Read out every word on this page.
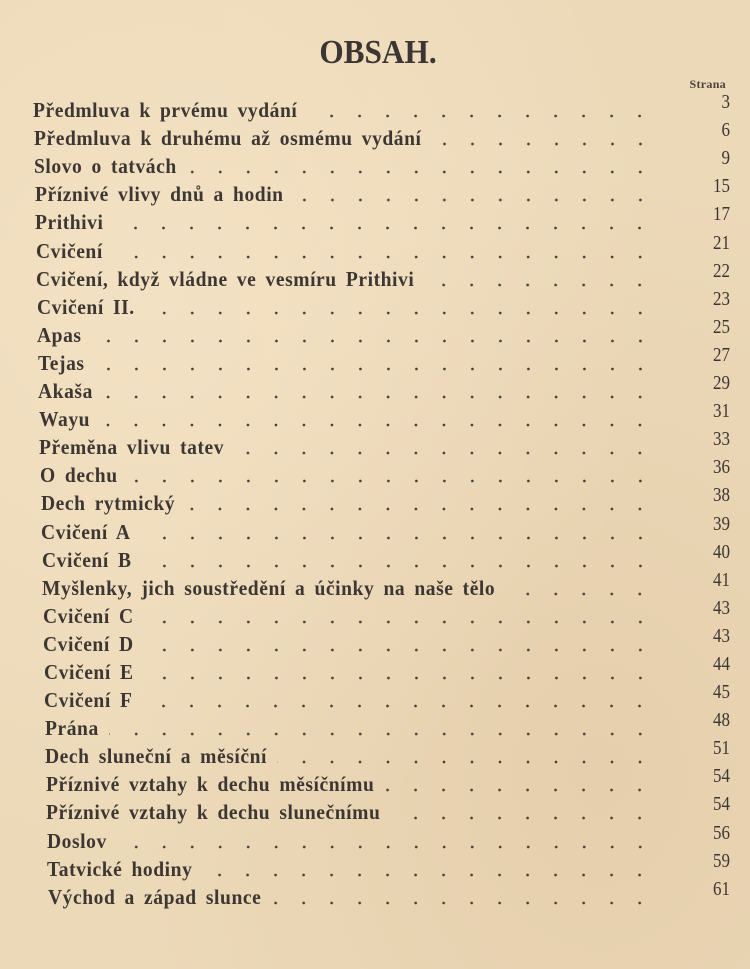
OBSAH.
Strana
Předmluva k prvému vydání	3
Předmluva k druhému až osmému vydání	6
Slovo o tatvách	9
Příznivé vlivy dnů a hodin	15
Prithivi	17
Cvičení	21
Cvičení, když vládne ve vesmíru Prithivi	22
Cvičení II.	23
Apas	25
Tejas	27
Akaša	29
Wayu	31
Přeměna vlivu tatev	33
O dechu	36
Dech rytmický	38
Cvičení A	39
Cvičení B	40
Myšlenky, jich soustředění a účinky na naše tělo	41
Cvičení C	43
Cvičení D	43
Cvičení E	44
Cvičení F	45
Prána	48
Dech sluneční a měsíční	51
Příznivé vztahy k dechu měsíčnímu	54
Příznivé vztahy k dechu slunečnímu	54
Doslov	56
Tatvické hodiny	59
Východ a západ slunce	61
